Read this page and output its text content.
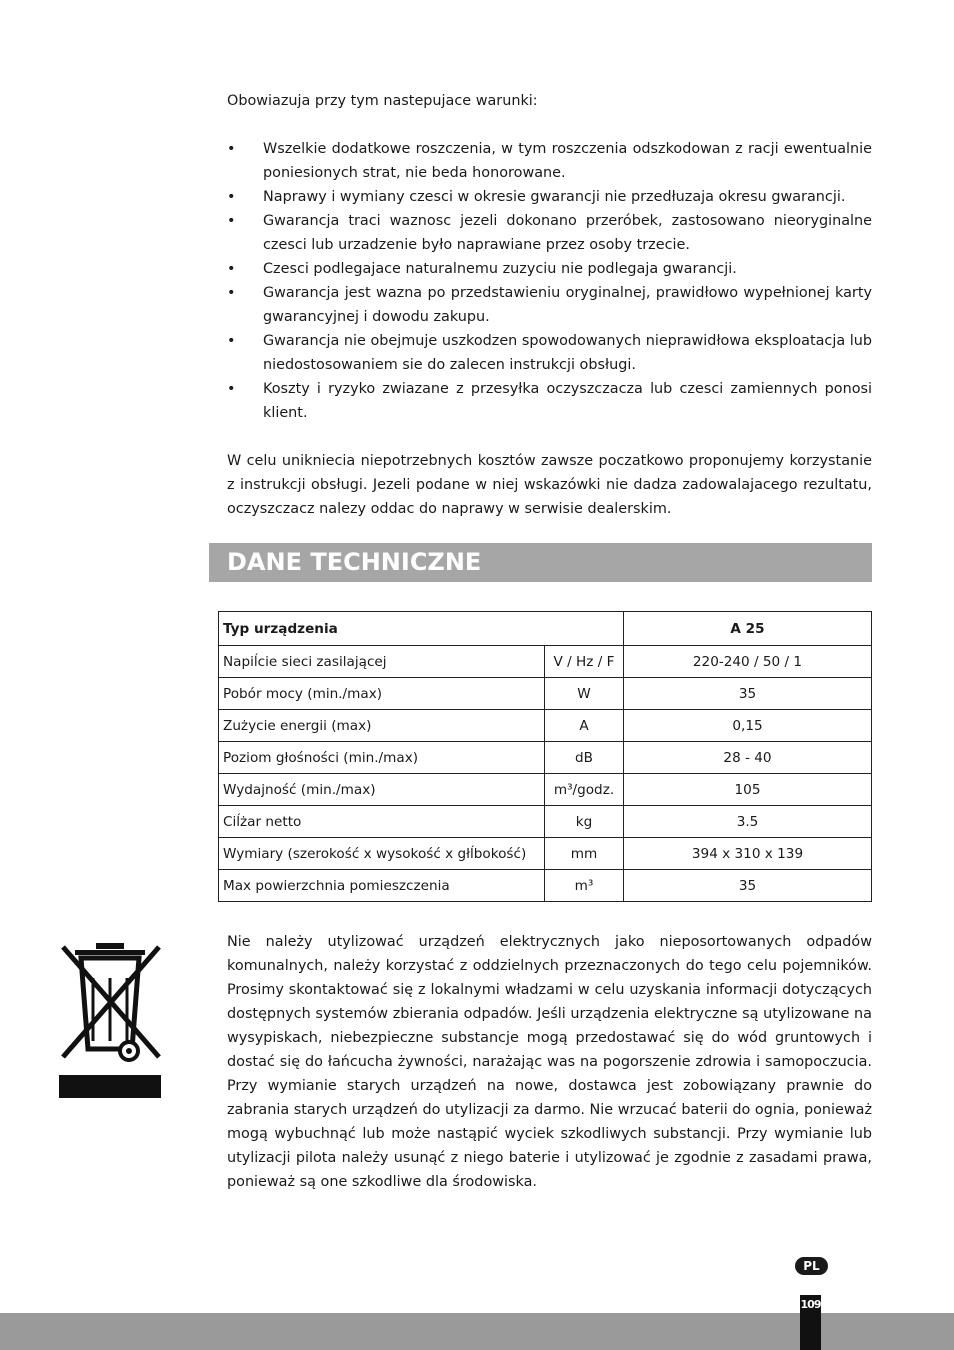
Obowiazuja przy tym nastepujace warunki:

• Wszelkie dodatkowe roszczenia, w tym roszczenia odszkodowan z racji ewentualnie poniesionych strat, nie beda honorowane.
• Naprawy i wymiany czesci w okresie gwarancji nie przedłuzaja okresu gwarancji.
• Gwarancja traci waznosc jezeli dokonano przeróbek, zastosowano nieoryginalne czesci lub urzadzenie było naprawiane przez osoby trzecie.
• Czesci podlegajace naturalnemu zuzyciu nie podlegaja gwarancji.
• Gwarancja jest wazna po przedstawieniu oryginalnej, prawidłowo wypełnionej karty gwarancyjnej i dowodu zakupu.
• Gwarancja nie obejmuje uszkodzen spowodowanych nieprawidłowa eksploatacja lub niedostosowaniem sie do zalecen instrukcji obsługi.
• Koszty i ryzyko zwiazane z przesyłka oczyszczacza lub czesci zamiennych ponosi klient.

W celu unikniecia niepotrzebnych kosztów zawsze poczatkowo proponujemy korzystanie z instrukcji obsługi. Jezeli podane w niej wskazówki nie dadza zadowalajacego rezultatu, oczyszczacz nalezy oddac do naprawy w serwisie dealerskim.

DANE TECHNICZNE
Typ urządzenia		A 25
Napiĺcie sieci zasilającej	V / Hz / F	220-240 / 50 / 1
Pobór mocy (min./max)	W	35
Zużycie energii (max)	A	0,15
Poziom głośności (min./max)	dB	28 - 40
Wydajność (min./max)	m³/godz.	105
Ciĺżar netto	kg	3.5
Wymiary (szerokość x wysokość x głĺbokość)	mm	394 x 310 x 139
Max powierzchnia pomieszczenia	m³	35

Nie należy utylizować urządzeń elektrycznych jako nieposortowanych odpadów komunalnych, należy korzystać z oddzielnych przeznaczonych do tego celu pojemników. Prosimy skontaktować się z lokalnymi władzami w celu uzyskania informacji dotyczących dostępnych systemów zbierania odpadów. Jeśli urządzenia elektryczne są utylizowane na wysypiskach, niebezpieczne substancje mogą przedostawać się do wód gruntowych i dostać się do łańcucha żywności, narażając was na pogorszenie zdrowia i samopoczucia. Przy wymianie starych urządzeń na nowe, dostawca jest zobowiązany prawnie do zabrania starych urządzeń do utylizacji za darmo. Nie wrzucać baterii do ognia, ponieważ mogą wybuchnąć lub może nastąpić wyciek szkodliwych substancji. Przy wymianie lub utylizacji pilota należy usunąć z niego baterie i utylizować je zgodnie z zasadami prawa, ponieważ są one szkodliwe dla środowiska.

PL
109
